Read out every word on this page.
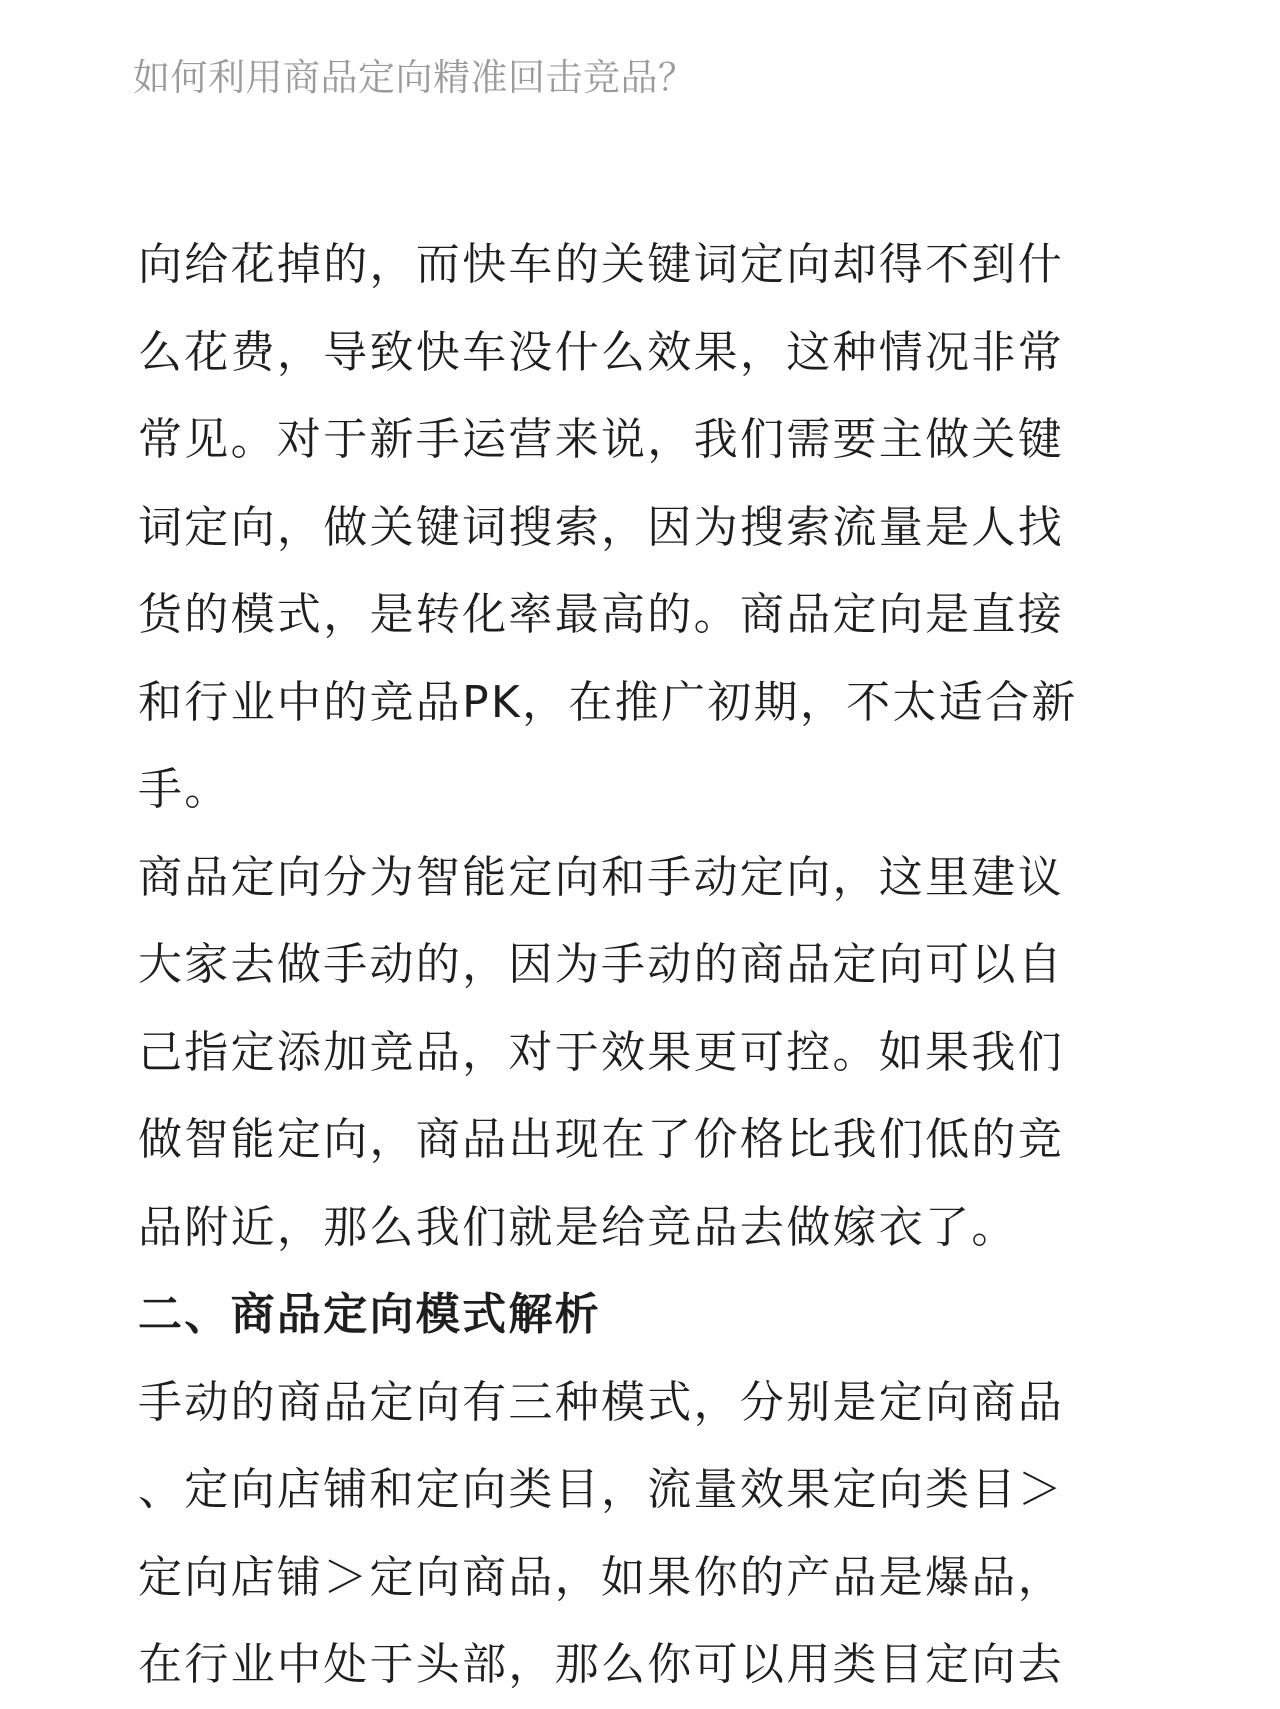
如何利用商品定向精准回击竞品？
向给花掉的，而快车的关键词定向却得不到什
么花费，导致快车没什么效果，这种情况非常
常见。对于新手运营来说，我们需要主做关键
词定向，做关键词搜索，因为搜索流量是人找
货的模式，是转化率最高的。商品定向是直接
和行业中的竞品PK，在推广初期，不太适合新
手。
商品定向分为智能定向和手动定向，这里建议
大家去做手动的，因为手动的商品定向可以自
己指定添加竞品，对于效果更可控。如果我们
做智能定向，商品出现在了价格比我们低的竞
品附近，那么我们就是给竞品去做嫁衣了。
二、商品定向模式解析
手动的商品定向有三种模式，分别是定向商品
、定向店铺和定向类目，流量效果定向类目＞
定向店铺＞定向商品，如果你的产品是爆品，
在行业中处于头部，那么你可以用类目定向去
